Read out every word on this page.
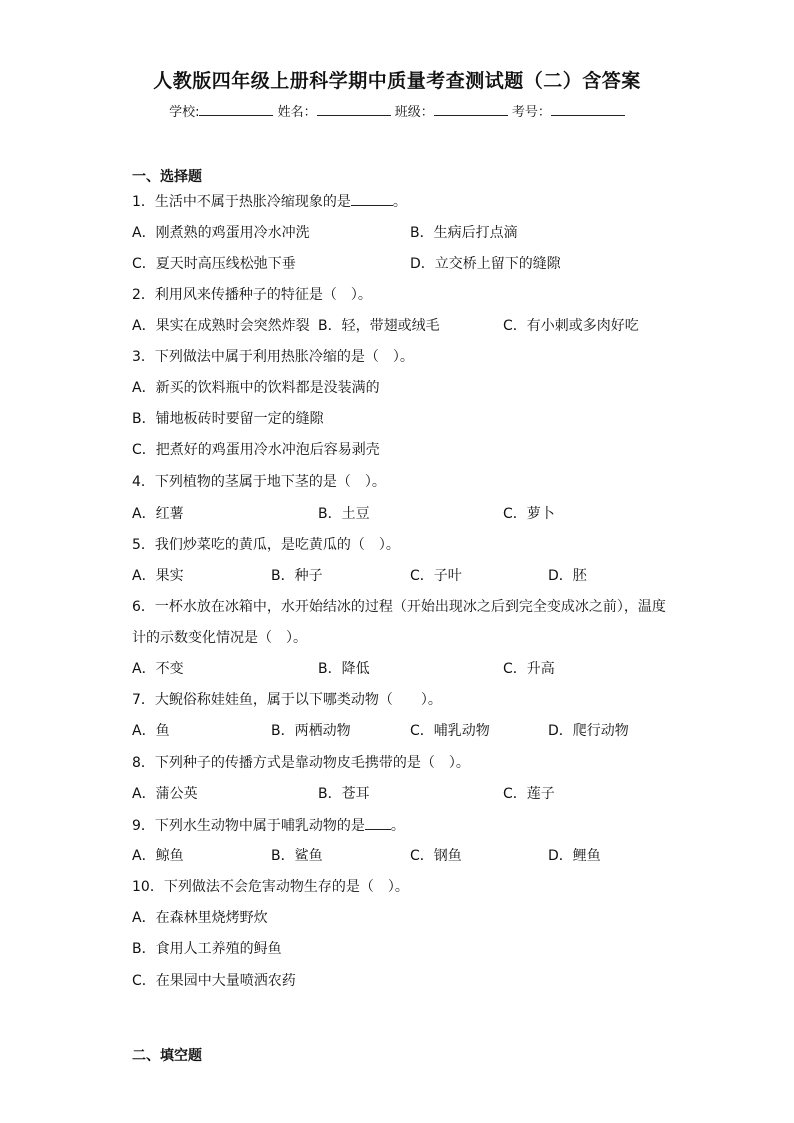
人教版四年级上册科学期中质量考查测试题（二）含答案
学校:	姓名：	班级：	考号：
一、选择题
1．生活中不属于热胀冷缩现象的是	。
A．刚煮熟的鸡蛋用冷水冲洗	B．生病后打点滴
C．夏天时高压线松弛下垂	D．立交桥上留下的缝隙
2．利用风来传播种子的特征是（　）。
A．果实在成熟时会突然炸裂 B．轻，带翅或绒毛	C．有小刺或多肉好吃
3．下列做法中属于利用热胀冷缩的是（　）。
A．新买的饮料瓶中的饮料都是没装满的
B．铺地板砖时要留一定的缝隙
C．把煮好的鸡蛋用冷水冲泡后容易剥壳
4．下列植物的茎属于地下茎的是（　）。
A．红薯	B．土豆	C．萝卜
5．我们炒菜吃的黄瓜，是吃黄瓜的（　）。
A．果实	B．种子	C．子叶	D．胚
6．一杯水放在冰箱中，水开始结冰的过程（开始出现冰之后到完全变成冰之前），温度
计的示数变化情况是（　）。
A．不变	B．降低	C．升高
7．大鲵俗称娃娃鱼，属于以下哪类动物（　　）。
A．鱼	B．两栖动物	C．哺乳动物	D．爬行动物
8．下列种子的传播方式是靠动物皮毛携带的是（　）。
A．蒲公英	B．苍耳	C．莲子
9．下列水生动物中属于哺乳动物的是 。
A．鲸鱼	B．鲨鱼	C．钢鱼	D．鲤鱼
10．下列做法不会危害动物生存的是（　）。
A．在森林里烧烤野炊
B．食用人工养殖的鲟鱼
C．在果园中大量喷洒农药
二、填空题
